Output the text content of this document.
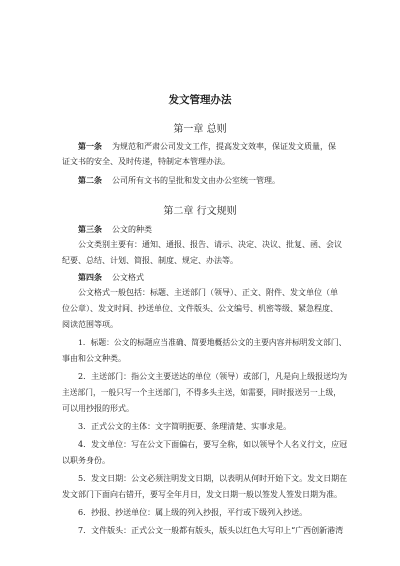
发文管理办法
第一章 总则
第一条 为规范和严肃公司发文工作，提高发文效率，保证发文质量，保
证文书的安全、及时传递，特制定本管理办法。
第二条 公司所有文书的呈批和发文由办公室统一管理。
第二章 行文规则
第三条 公文的种类
公文类别主要有：通知、通报、报告、请示、决定、决议、批复、函、会议
纪要、总结、计划、简报、制度、规定、办法等。
第四条 公文格式
公文格式一般包括：标题、主送部门（领导）、正文、附件、发文单位（单
位公章）、发文时间、抄送单位、文件版头、公文编号、机密等级、紧急程度、
阅读范围等项。
1．标题：公文的标题应当准确、简要地概括公文的主要内容并标明发文部门、
事由和公文种类。
2．主送部门：指公文主要送达的单位（领导）或部门，凡是向上级报送均为
主送部门，一般只写一个主送部门，不得多头主送，如需要，同时报送另一上级，
可以用抄报的形式。
3．正式公文的主体：文字简明扼要、条理清楚、实事求是。
4．发文单位：写在公文下面偏右，要写全称，如以领导个人名义行文，应冠
以职务身份。
5．发文日期：公文必须注明发文日期，以表明从何时开始下文。发文日期在
发文部门下面向右错开，要写全年月日，发文日期一般以签发人签发日期为准。
6．抄报、抄送单位：属上级的列入抄报，平行或下级列入抄送。
7．文件版头：正式公文一般都有版头，版头以红色大写印上“广西创新港湾
